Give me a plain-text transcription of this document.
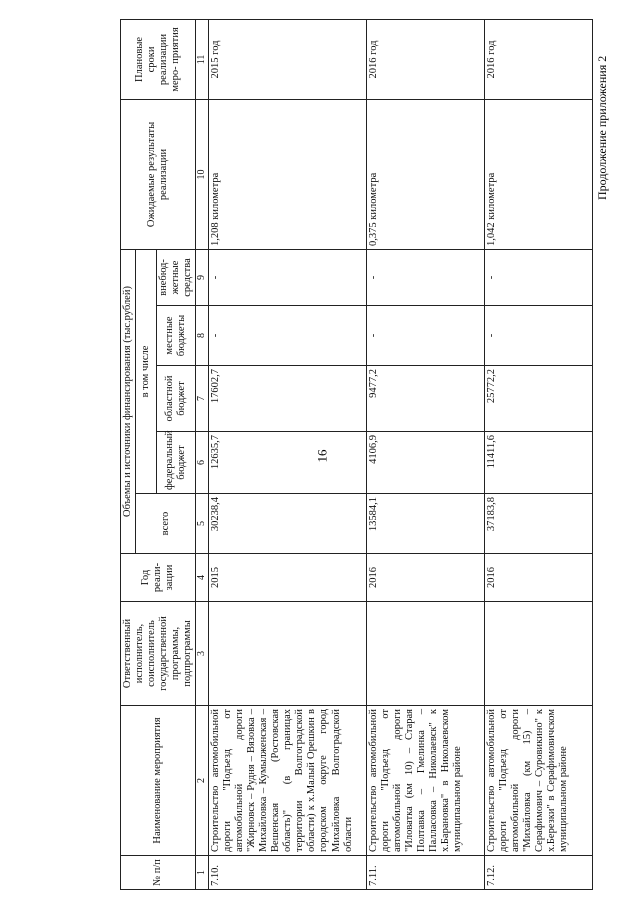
Продолжение приложения 2
16
№ п/п	Наименование мероприятия	Ответственный исполнитель, соисполнитель государственной программы, подпрограммы	Год реали- зации	Объемы и источники финансирования (тыс.рублей)					Ожидаемые результаты реализации	Плановые сроки реализации меро- приятия
				всего	в том числе					
					федеральный бюджет	областной бюджет	местные бюджеты	внебюд- жетные средства		
1	2	3	4	5	6	7	8	9	10	11
7.10.	Строительство автомобильной дороги "Подъезд от автомобильной дороги "Жирновск – Рудня – Вязовка – Михайловка – Кумылженская – Вешенская (Ростовская область)" (в границах территории Волгоградской области) к х.Малый Орешкин в городском округе город Михайловка Волгоградской области		2015	30238,4	12635,7	17602,7	-	-	1,208 километра	2015 год
7.11.	Строительство автомобильной дороги "Подъезд от автомобильной дороги "Иловатка (км 10) – Старая Полтавка – Гмелинка – Палласовка – Николаевск" к х.Барановка" в Николаевском муниципальном районе		2016	13584,1	4106,9	9477,2	-	-	0,375 километра	2016 год
7.12.	Строительство автомобильной дороги "Подъезд от автомобильной дороги "Михайловка (км 15) – Серафимович – Суровикино" к х.Березки" в Серафимовичском муниципальном районе		2016	37183,8	11411,6	25772,2	-	-	1,042 километра	2016 год
